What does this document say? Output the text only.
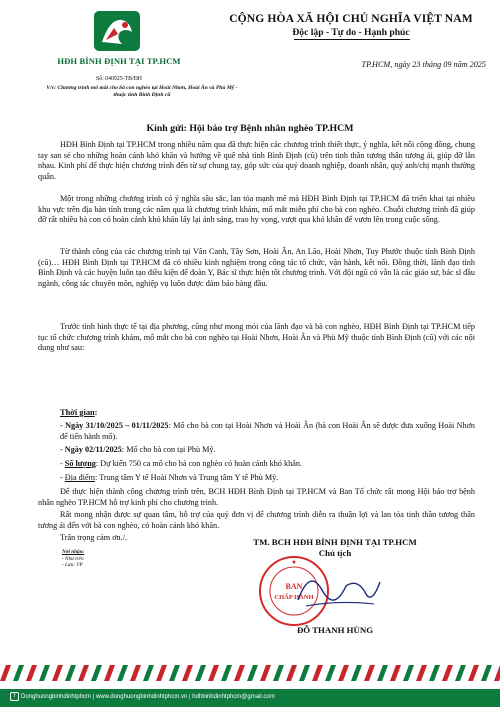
HĐH BÌNH ĐỊNH TẠI TP.HCM
Số: 040925-TB/ĐH
V/v: Chương trình mổ mắt cho bà con nghèo tại Hoài Nhơn, Hoài Ân và Phù Mỹ - thuộc tỉnh Bình Định cũ
CỘNG HÒA XÃ HỘI CHỦ NGHĨA VIỆT NAM
Độc lập - Tự do - Hạnh phúc
TP.HCM, ngày 23 tháng 09 năm 2025
Kính gửi: Hội bảo trợ Bệnh nhân nghèo TP.HCM
HĐH Bình Định tại TP.HCM trong nhiều năm qua đã thực hiện các chương trình thiết thực, ý nghĩa, kết nối cộng đồng, chung tay san sẻ cho những hoàn cảnh khó khăn và hướng về quê nhà tỉnh Bình Định (cũ) trên tinh thần tương thân tương ái, giúp đỡ lẫn nhau. Kinh phí để thực hiện chương trình đến từ sự chung tay, góp sức của quý doanh nghiệp, doanh nhân, quý anh/chị mạnh thường quân.
Một trong những chương trình có ý nghĩa sâu sắc, lan tỏa mạnh mẽ mà HĐH Bình Định tại TP.HCM đã triển khai tại nhiều khu vực trên địa bàn tỉnh trong các năm qua là chương trình khám, mổ mắt miễn phí cho bà con nghèo. Chuỗi chương trình đã giúp đỡ rất nhiều bà con có hoàn cảnh khó khăn lấy lại ánh sáng, trao hy vọng, vượt qua khó khăn để vươn lên trong cuộc sống.
Từ thành công của các chương trình tại Vân Canh, Tây Sơn, Hoài Ân, An Lão, Hoài Nhơn, Tuy Phước thuộc tỉnh Bình Định (cũ)… HĐH Bình Định tại TP.HCM đã có nhiều kinh nghiệm trong công tác tổ chức, vận hành, kết nối. Đồng thời, lãnh đạo tỉnh Bình Định và các huyện luôn tạo điều kiện để đoàn Y, Bác sĩ thực hiện tốt chương trình. Với đội ngũ có vẫn là các giáo sư, bác sĩ đầu ngành, công tác chuyên môn, nghiệp vụ luôn được đảm bảo hàng đầu.
Trước tình hình thực tế tại địa phương, cũng như mong mỏi của lãnh đạo và bà con nghèo, HĐH Bình Định tại TP.HCM tiếp tục tổ chức chương trình khám, mổ mắt cho bà con nghèo tại Hoài Nhơn, Hoài Ân và Phù Mỹ thuộc tỉnh Bình Định (cũ) với các nội dung như sau:
Thời gian:
- Ngày 31/10/2025 – 01/11/2025: Mổ cho bà con tại Hoài Nhơn và Hoài Ân (bà con Hoài Ân sẽ được đưa xuống Hoài Nhơn để tiến hành mổ).
- Ngày 02/11/2025: Mổ cho bà con tại Phù Mỹ.
- Số lượng: Dự kiến 750 ca mổ cho bà con nghèo có hoàn cảnh khó khăn.
- Địa điểm: Trung tâm Y tế Hoài Nhơn và Trung tâm Y tế Phù Mỹ.
Để thực hiện thành công chương trình trên, BCH HĐH Bình Định tại TP.HCM và Ban Tổ chức rất mong Hội bảo trợ bệnh nhân nghèo TP.HCM hỗ trợ kinh phí cho chương trình.
Rất mong nhận được sự quan tâm, hỗ trợ của quý đơn vị để chương trình diễn ra thuận lợi và lan tỏa tinh thần tương thân tương ái đến với bà con nghèo, có hoàn cảnh khó khăn.
Trân trọng cảm ơn./.
Nơi nhận:
- Như trên
- Lưu: VP
TM. BCH HĐH BÌNH ĐỊNH TẠI TP.HCM
Chủ tịch
BAN
CHẤP HÀNH
ĐỖ THANH HÙNG
f Donghuongbinhdinhtphcm | www.donghuongbinhdinhtphcm.vn | hdhbinhdinhtphcm@gmail.com
